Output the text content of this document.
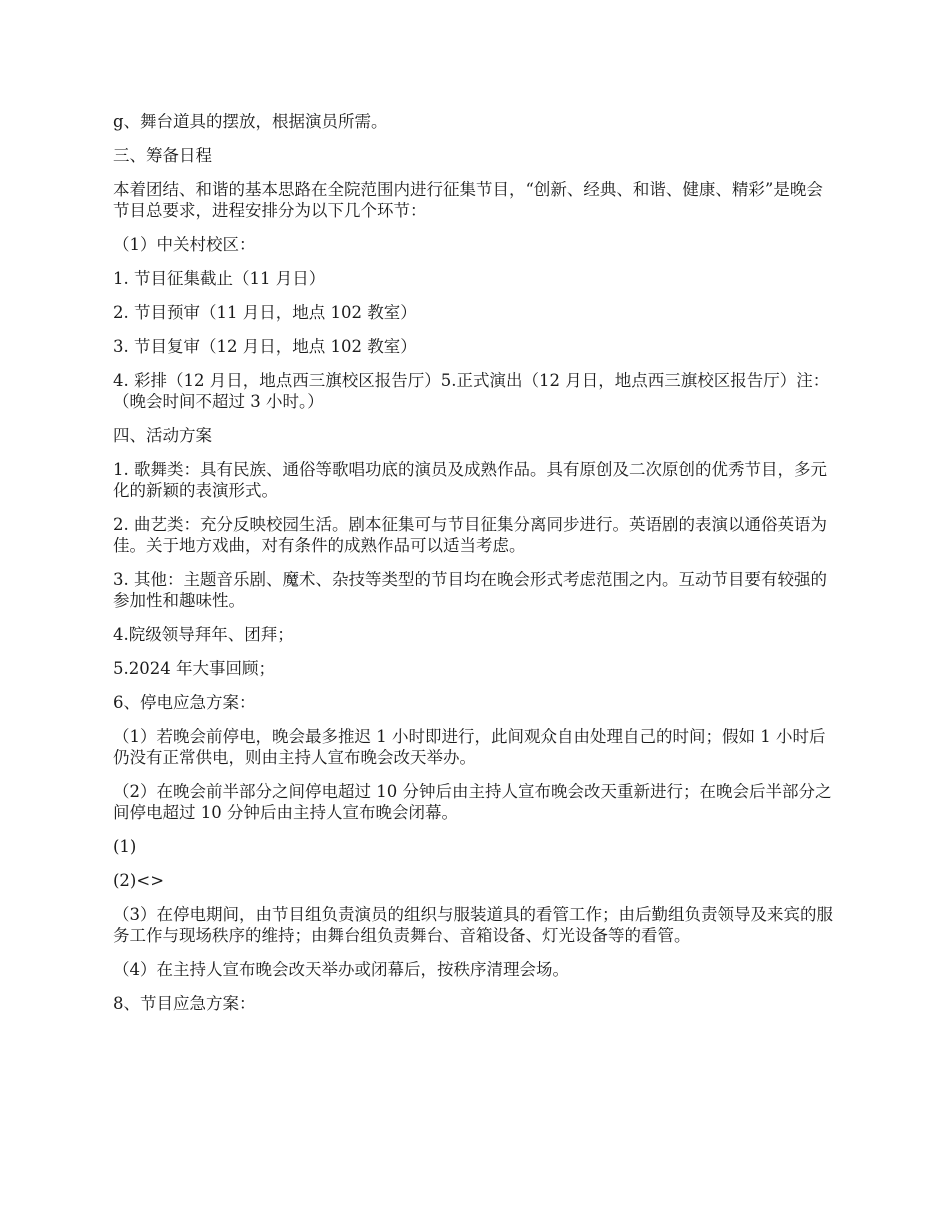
g、舞台道具的摆放，根据演员所需。

三、筹备日程

本着团结、和谐的基本思路在全院范围内进行征集节目，“创新、经典、和谐、健康、精彩”是晚会节目总要求，进程安排分为以下几个环节：

（1）中关村校区：

1. 节目征集截止（11 月日）

2. 节目预审（11 月日，地点 102 教室）

3. 节目复审（12 月日，地点 102 教室）

4. 彩排（12 月日，地点西三旗校区报告厅）5.正式演出（12 月日，地点西三旗校区报告厅）注：（晚会时间不超过 3 小时。）

四、活动方案

1. 歌舞类：具有民族、通俗等歌唱功底的演员及成熟作品。具有原创及二次原创的优秀节目，多元化的新颖的表演形式。

2. 曲艺类：充分反映校园生活。剧本征集可与节目征集分离同步进行。英语剧的表演以通俗英语为佳。关于地方戏曲，对有条件的成熟作品可以适当考虑。

3. 其他：主题音乐剧、魔术、杂技等类型的节目均在晚会形式考虑范围之内。互动节目要有较强的参加性和趣味性。

4.院级领导拜年、团拜；

5.2024 年大事回顾；

6、停电应急方案：

（1）若晚会前停电，晚会最多推迟 1 小时即进行，此间观众自由处理自己的时间；假如 1 小时后仍没有正常供电，则由主持人宣布晚会改天举办。

（2）在晚会前半部分之间停电超过 10 分钟后由主持人宣布晚会改天重新进行；在晚会后半部分之间停电超过 10 分钟后由主持人宣布晚会闭幕。

(1)

(2)<>

（3）在停电期间，由节目组负责演员的组织与服装道具的看管工作；由后勤组负责领导及来宾的服务工作与现场秩序的维持；由舞台组负责舞台、音箱设备、灯光设备等的看管。

（4）在主持人宣布晚会改天举办或闭幕后，按秩序清理会场。

8、节目应急方案：
